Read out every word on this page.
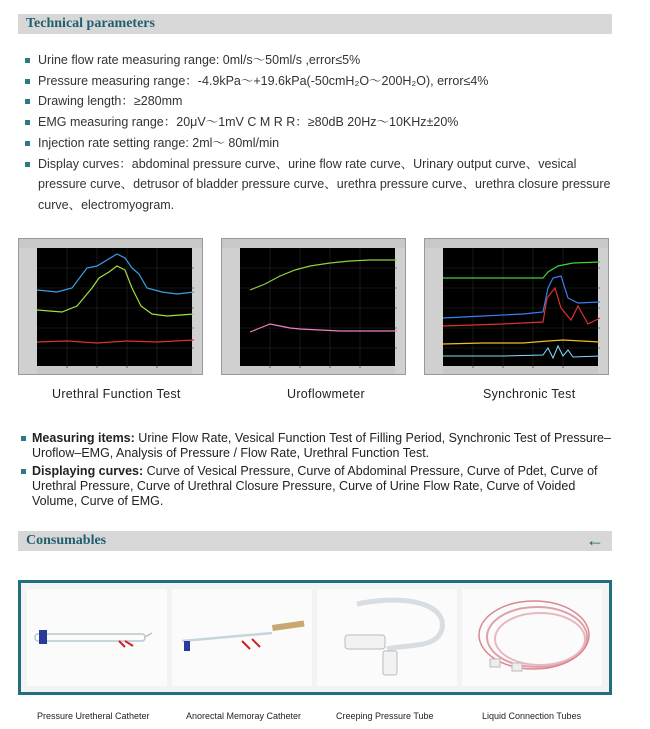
Technical parameters
Urine flow rate measuring range: 0ml/s～50ml/s ,error≤5%
Pressure measuring range：-4.9kPa～+19.6kPa(-50cmH₂O～200H₂O), error≤4%
Drawing length：≥280mm
EMG measuring range：20μV～1mV C M R R：≥80dB 20Hz～10KHz±20%
Injection rate setting range: 2ml～ 80ml/min
Display curves：abdominal pressure curve、urine flow rate curve、Urinary output curve、vesical pressure curve、detrusor of bladder pressure curve、urethra pressure curve、urethra closure pressure curve、electromyogram.
Urethral Function Test	Uroflowmeter	Synchronic Test

Measuring items: Urine Flow Rate, Vesical Function Test of Filling Period, Synchronic Test of Pressure–Uroflow–EMG, Analysis of Pressure / Flow Rate, Urethral Function Test.

Displaying curves: Curve of Vesical Pressure, Curve of Abdominal Pressure, Curve of Pdet, Curve of Urethral Pressure, Curve of Urethral Closure Pressure, Curve of Urine Flow Rate, Curve of Voided Volume, Curve of EMG.

Consumables	←
Pressure Uretheral Catheter	Anorectal Memoray Catheter	Creeping Pressure Tube	Liquid Connection Tubes
